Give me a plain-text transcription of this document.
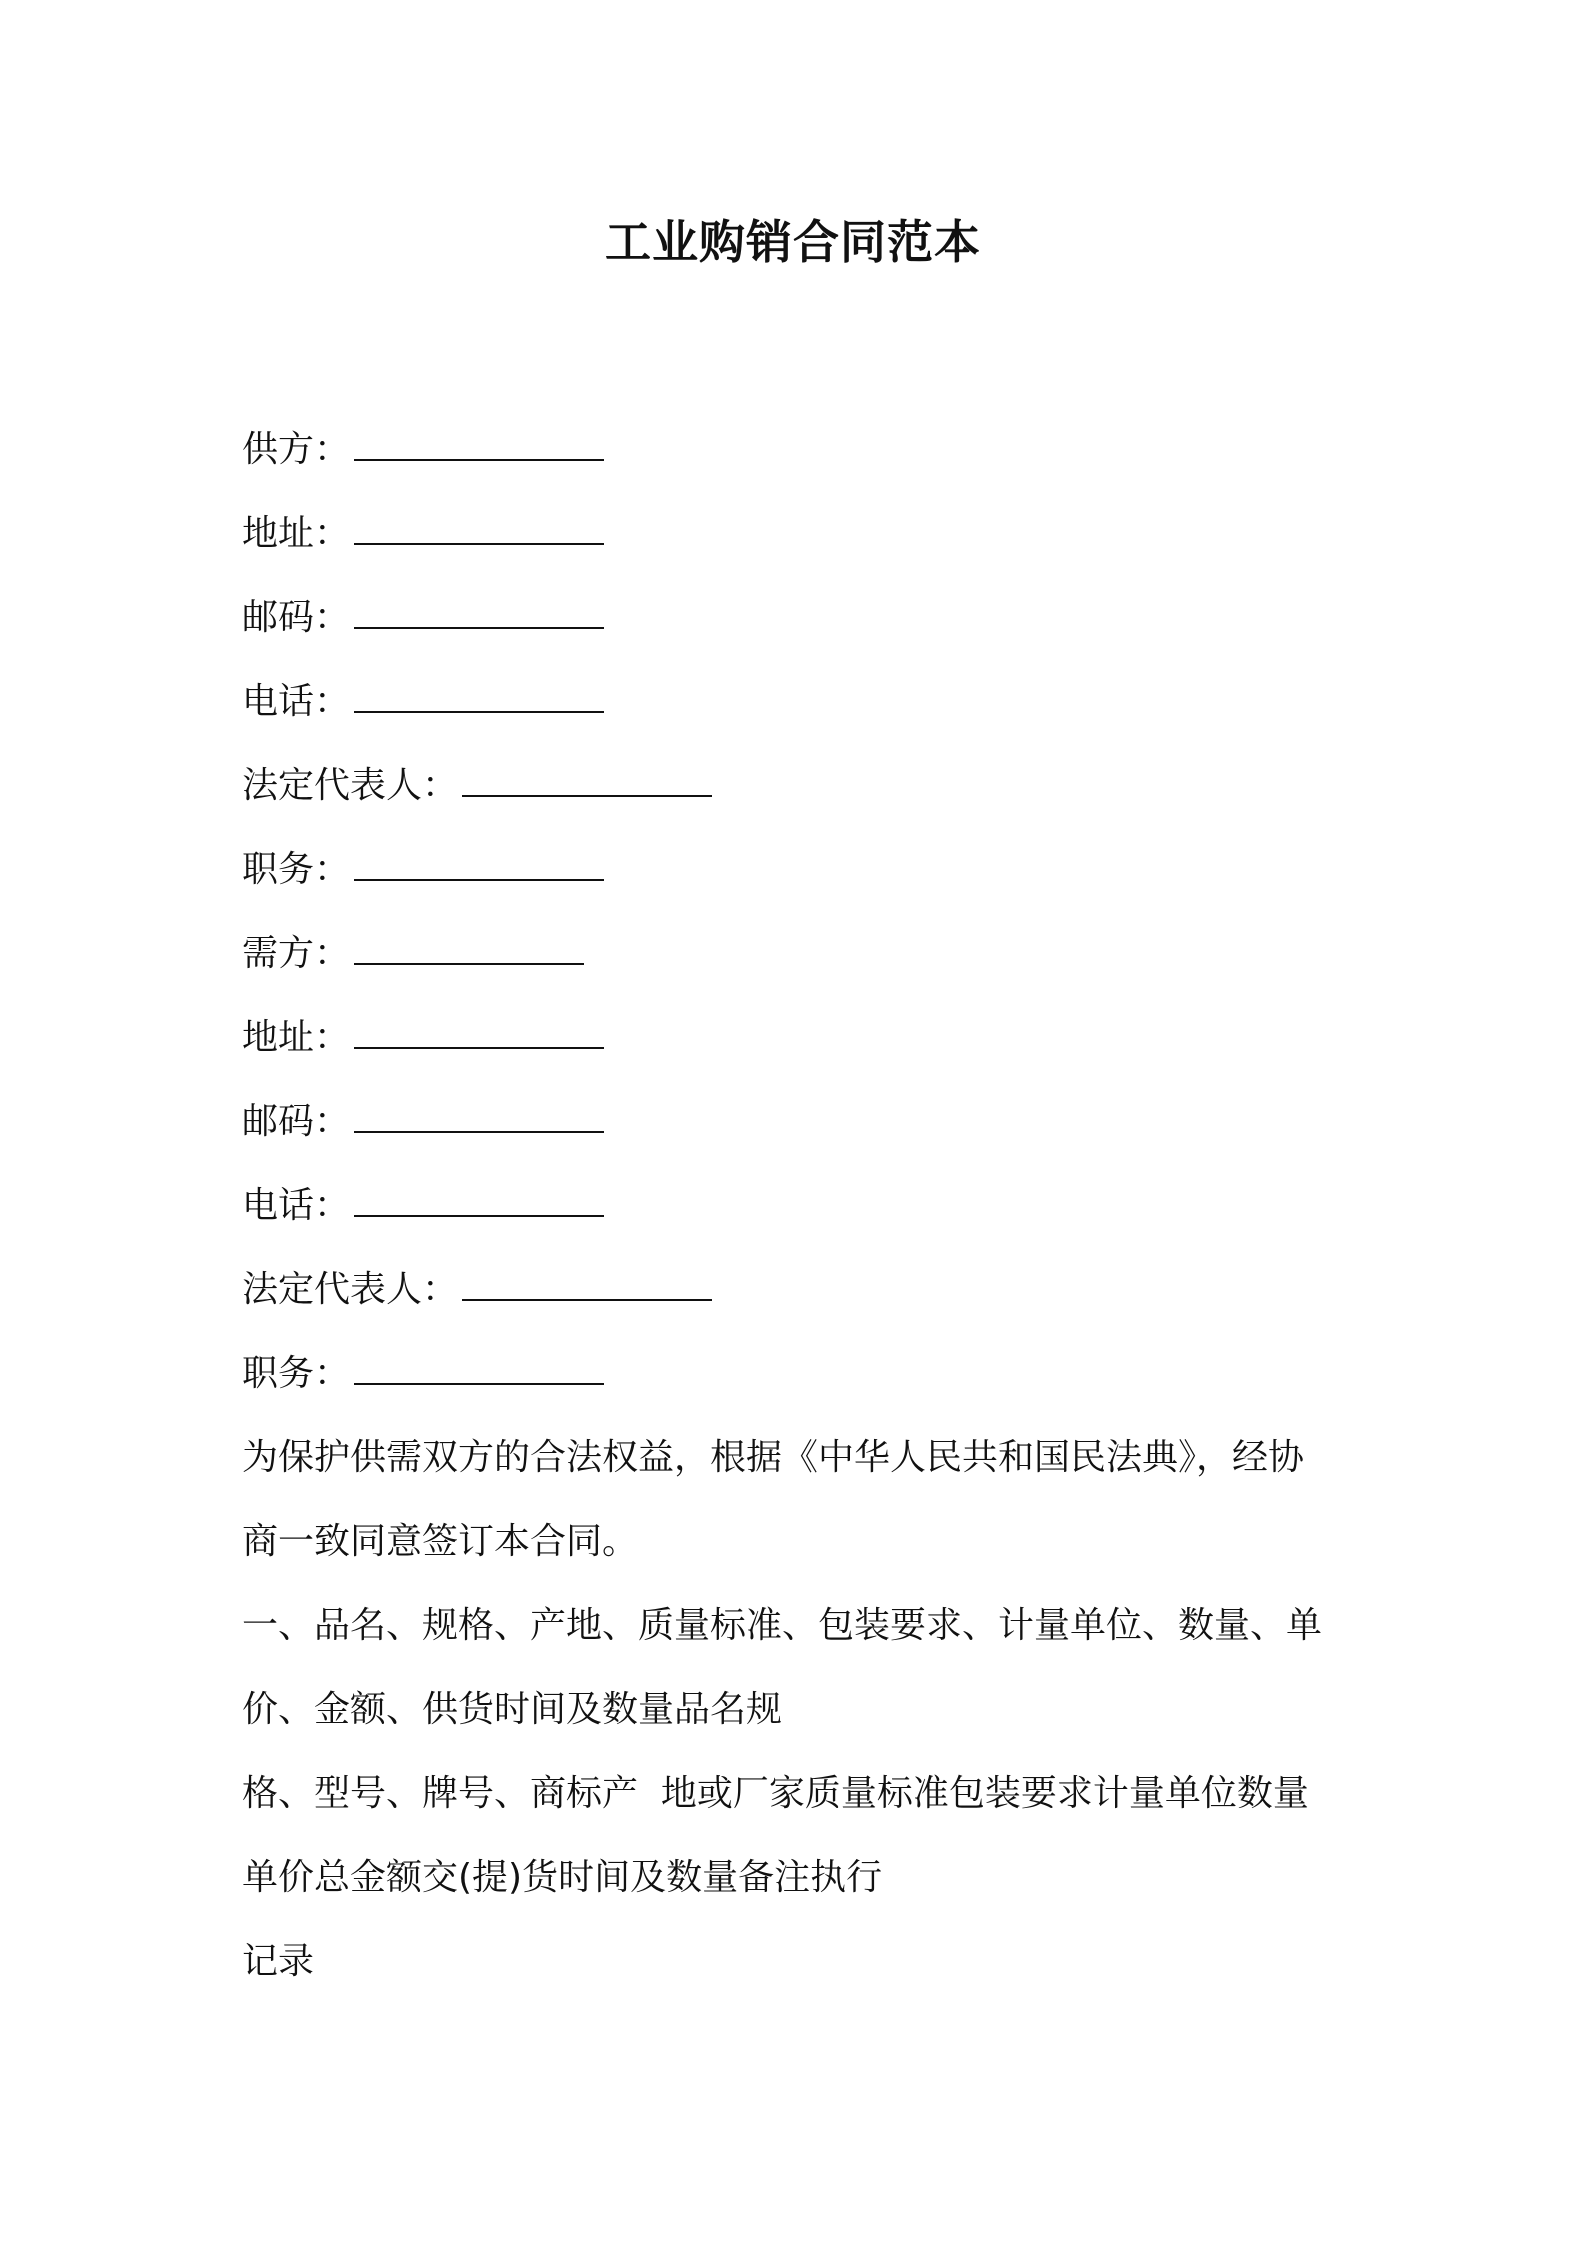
工业购销合同范本
供方：
地址：
邮码：
电话：
法定代表人：
职务：
需方：
地址：
邮码：
电话：
法定代表人：
职务：
为保护供需双方的合法权益，根据《中华人民共和国民法典》，经协
商一致同意签订本合同。
一、品名、规格、产地、质量标准、包装要求、计量单位、数量、单
价、金额、供货时间及数量品名规
格、型号、牌号、商标产  地或厂家质量标准包装要求计量单位数量
单价总金额交(提)货时间及数量备注执行
记录
